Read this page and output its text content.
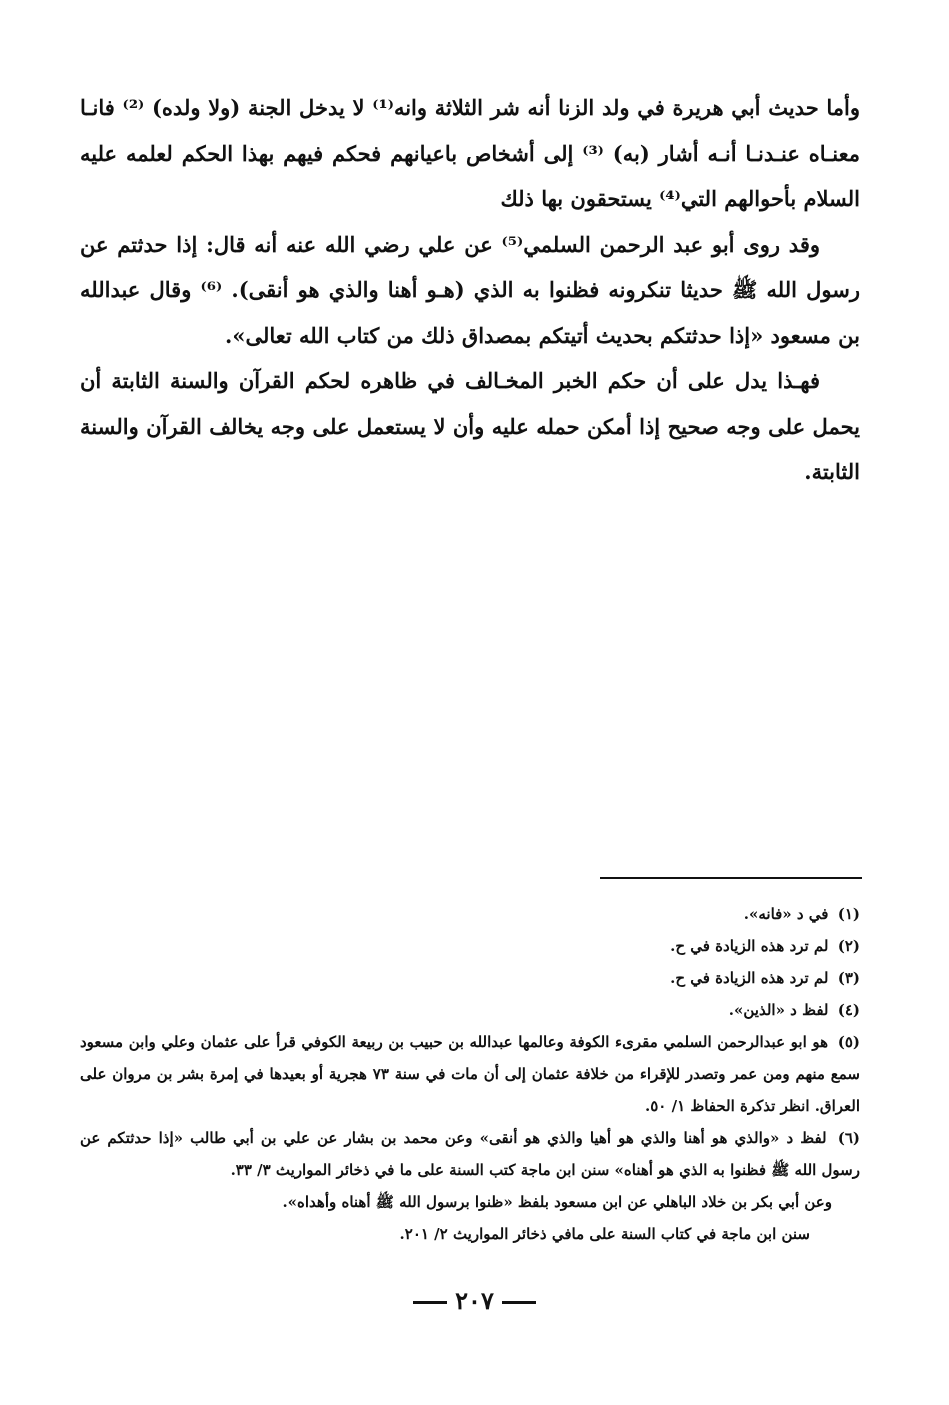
وأما حديث أبي هريرة في ولد الزنا أنه شر الثلاثة وانه⁽¹⁾ لا يدخل الجنة (ولا ولده) ⁽²⁾ فانـا معنـاه عنـدنـا أنـه أشار (به) ⁽³⁾ إلى أشخاص باعيانهم فحكم فيهم بهذا الحكم لعلمه عليه السلام بأحوالهم التي⁽⁴⁾ يستحقون بها ذلك

وقد روى أبو عبد الرحمن السلمي⁽⁵⁾ عن علي رضي الله عنه أنه قال: إذا حدثتم عن رسول الله ﷺ حديثا تنكرونه فظنوا به الذي (هـو أهنا والذي هو أنقى). ⁽⁶⁾ وقال عبدالله بن مسعود «إذا حدثتكم بحديث أتيتكم بمصداق ذلك من كتاب الله تعالى».

فهـذا يدل على أن حكم الخبر المخـالف في ظاهره لحكم القرآن والسنة الثابتة أن يحمل على وجه صحيح إذا أمكن حمله عليه وأن لا يستعمل على وجه يخالف القرآن والسنة الثابتة.

(١) في د «فانه».

(٢) لم ترد هذه الزيادة في ح.

(٣) لم ترد هذه الزيادة في ح.

(٤) لفظ د «الذين».

(٥) هو ابو عبدالرحمن السلمي مقرىء الكوفة وعالمها عبدالله بن حبيب بن ربيعة الكوفي قرأ على عثمان وعلي وابن مسعود سمع منهم ومن عمر وتصدر للإقراء من خلافة عثمان إلى أن مات في سنة ٧٣ هجرية أو بعيدها في إمرة بشر بن مروان على العراق. انظر تذكرة الحفاظ ١/ ٥٠.

(٦) لفظ د «والذي هو أهنا والذي هو أهيا والذي هو أنقى» وعن محمد بن بشار عن علي بن أبي طالب «إذا حدثتكم عن رسول الله ﷺ فظنوا به الذي هو أهناه» سنن ابن ماجة كتب السنة على ما في ذخائر المواريث ٣/ ٣٣.

وعن أبي بكر بن خلاد الباهلي عن ابن مسعود بلفظ «ظنوا برسول الله ﷺ أهناه وأهداه».

سنن ابن ماجة في كتاب السنة على مافي ذخائر المواريث ٢/ ٢٠١.

٢٠٧
